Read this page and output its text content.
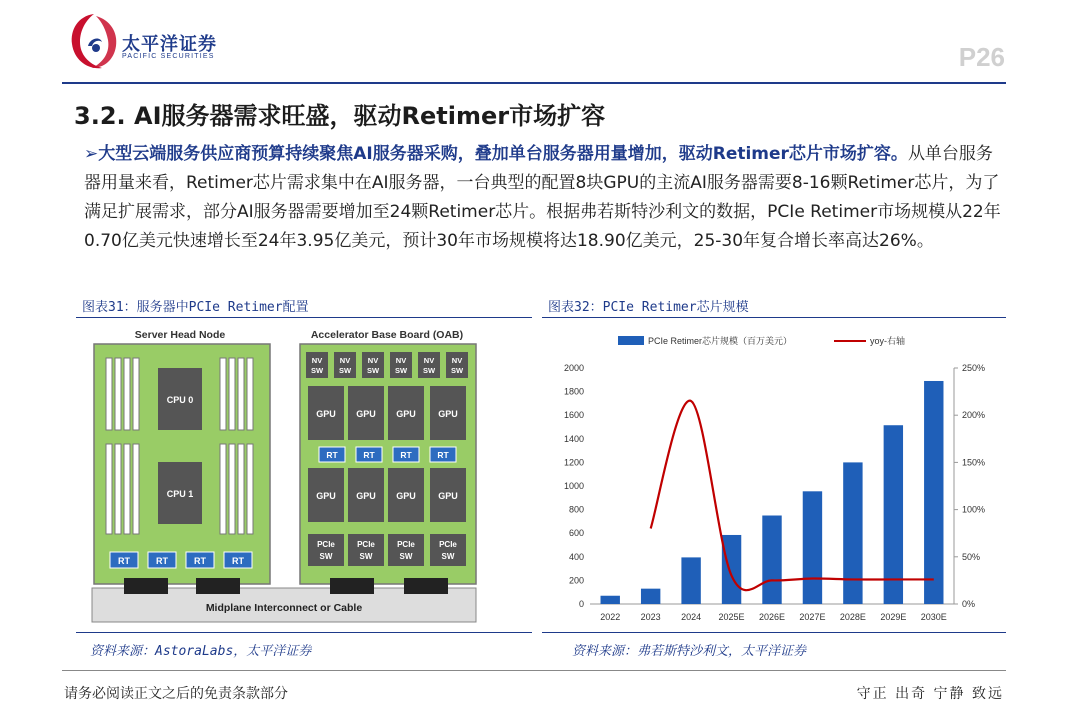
太平洋证券
PACIFIC SECURITIES	P26
3.2. AI服务器需求旺盛，驱动Retimer市场扩容
➢大型云端服务供应商预算持续聚焦AI服务器采购，叠加单台服务器用量增加，驱动Retimer芯片市场扩容。从单台服务器用量来看，Retimer芯片需求集中在AI服务器，一台典型的配置8块GPU的主流AI服务器需要8-16颗Retimer芯片，为了满足扩展需求，部分AI服务器需要增加至24颗Retimer芯片。根据弗若斯特沙利文的数据，PCIe Retimer市场规模从22年0.70亿美元快速增长至24年3.95亿美元，预计30年市场规模将达18.90亿美元，25-30年复合增长率高达26%。
图表31：服务器中PCIe Retimer配置	图表32：PCIe Retimer芯片规模
Server Head Node	Accelerator Base Board (OAB)
Midplane Interconnect or Cable
CPU 0
CPU 1
RT	RT	RT	RT
NV
SW
NV
SW
NV
SW
NV
SW
NV
SW
NV
SW
GPU GPU GPU GPU
RT	RT	RT	RT
GPU GPU GPU GPU
PCIe
SW
PCIe
SW
PCIe
SW
PCIe
SW
PCIe Retimer芯片规模（百万美元）	yoy-右轴
0
200
400
600
800
1000
1200
1400
1600
1800
2000
0%
50%
100%
150%
200%
250%
2022 2023 2024 2025E 2026E 2027E 2028E 2029E 2030E
资料来源：AstoraLabs，太平洋证券	资料来源：弗若斯特沙利文，太平洋证券
请务必阅读正文之后的免责条款部分	守正 出奇 宁静 致远
